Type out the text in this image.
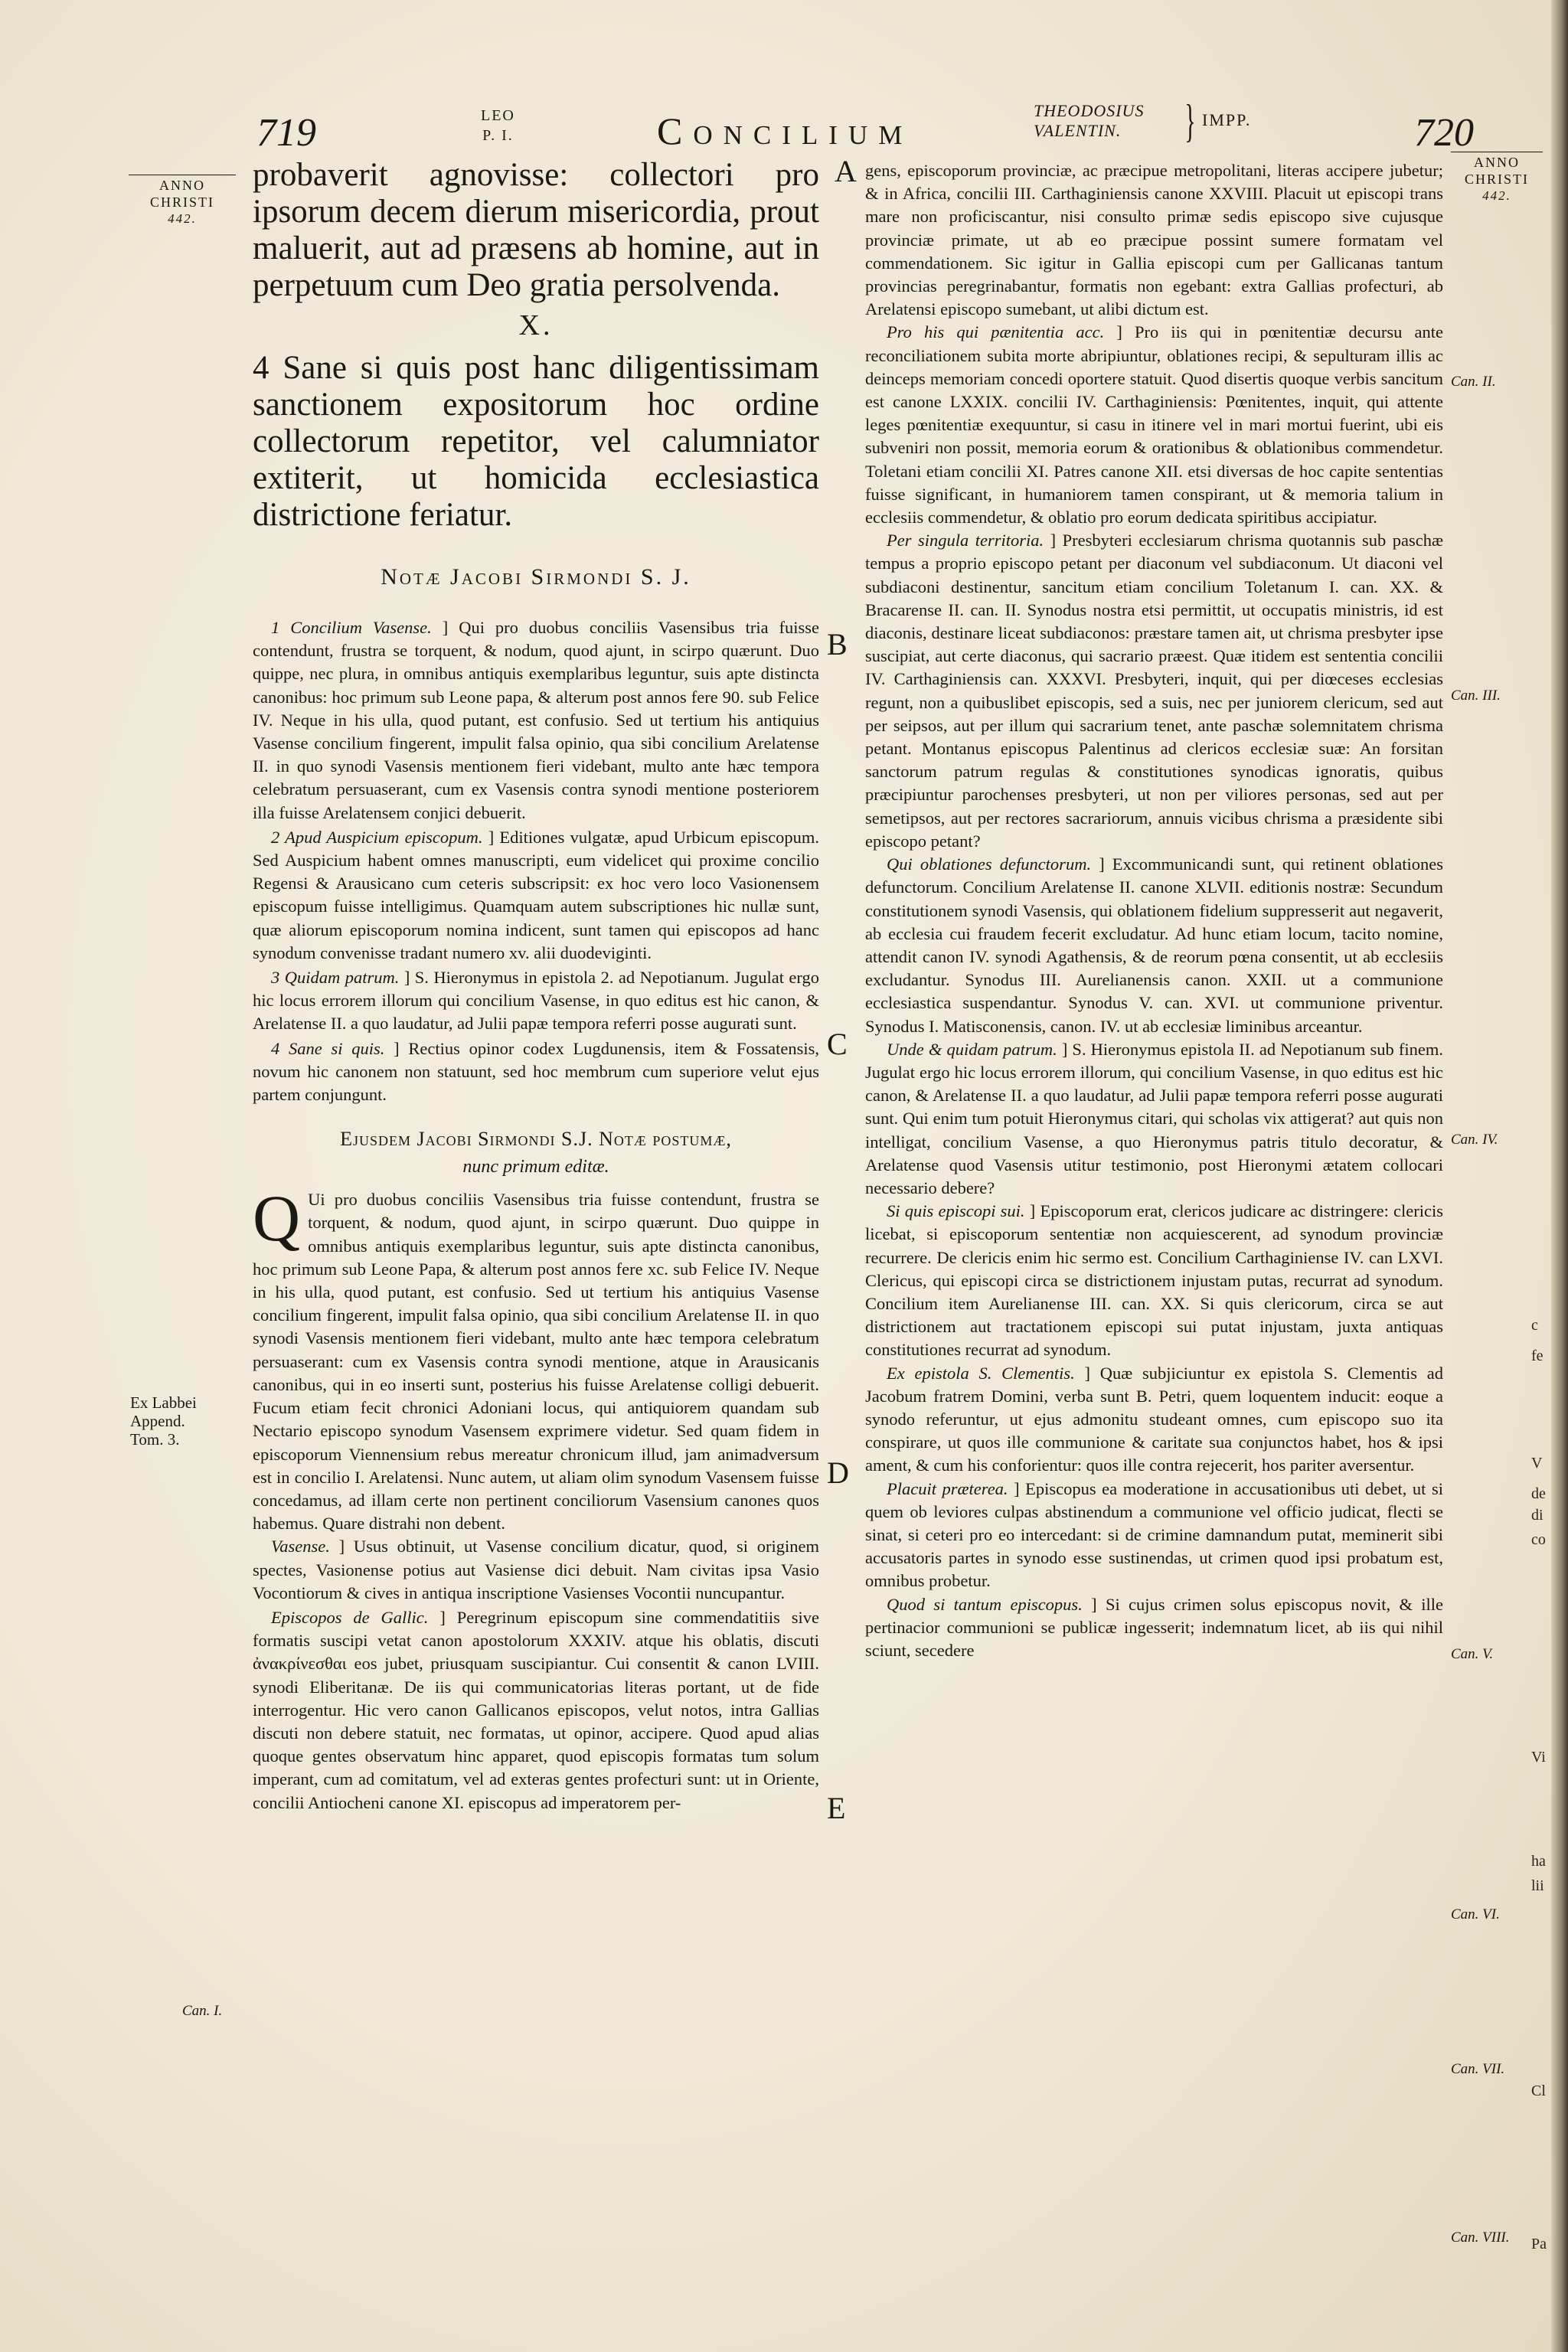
719	LEO
P. I.	Concilium	THEODOSIUS
VALENTIN.	} IMPP.	720
ANNO
CHRISTI
442.
Ex Labbei
Append.
Tom. 3.
Can. I.
A
B
C
D
E
ANNO
CHRISTI
442.
Can. II.
Can. III.
Can. IV.
Can. V.
Can. VI.
Can. VII.
Can. VIII.
c
fe
V
de
di
co
Vi
ha
lii
Cl
Pa

probaverit agnovisse: collectori pro ipsorum decem dierum misericordia, prout maluerit, aut ad præsens ab homine, aut in perpetuum cum Deo gratia persolvenda.

X.

4 Sane si quis post hanc diligentissimam sanctionem expositorum hoc ordine collectorum repetitor, vel calumniator extiterit, ut homicida ecclesiastica districtione feriatur.

Notæ Jacobi Sirmondi S. J.

1 Concilium Vasense. ] Qui pro duobus conciliis Vasensibus tria fuisse contendunt, frustra se torquent, & nodum, quod ajunt, in scirpo quærunt. Duo quippe, nec plura, in omnibus antiquis exemplaribus leguntur, suis apte distincta canonibus: hoc primum sub Leone papa, & alterum post annos fere 90. sub Felice IV. Neque in his ulla, quod putant, est confusio. Sed ut tertium his antiquius Vasense concilium fingerent, impulit falsa opinio, qua sibi concilium Arelatense II. in quo synodi Vasensis mentionem fieri videbant, multo ante hæc tempora celebratum persuaserant, cum ex Vasensis contra synodi mentione posteriorem illa fuisse Arelatensem conjici debuerit.

2 Apud Auspicium episcopum. ] Editiones vulgatæ, apud Urbicum episcopum. Sed Auspicium habent omnes manuscripti, eum videlicet qui proxime concilio Regensi & Arausicano cum ceteris subscripsit: ex hoc vero loco Vasionensem episcopum fuisse intelligimus. Quamquam autem subscriptiones hic nullæ sunt, quæ aliorum episcoporum nomina indicent, sunt tamen qui episcopos ad hanc synodum convenisse tradant numero xv. alii duodeviginti.

3 Quidam patrum. ] S. Hieronymus in epistola 2. ad Nepotianum. Jugulat ergo hic locus errorem illorum qui concilium Vasense, in quo editus est hic canon, & Arelatense II. a quo laudatur, ad Julii papæ tempora referri posse augurati sunt.

4 Sane si quis. ] Rectius opinor codex Lugdunensis, item & Fossatensis, novum hic canonem non statuunt, sed hoc membrum cum superiore velut ejus partem conjungunt.

Ejusdem Jacobi Sirmondi S.J. Notæ postumæ,

nunc primum editæ.

Q Ui pro duobus conciliis Vasensibus tria fuisse contendunt, frustra se torquent, & nodum, quod ajunt, in scirpo quærunt. Duo quippe in omnibus antiquis exemplaribus leguntur, suis apte distincta canonibus, hoc primum sub Leone Papa, & alterum post annos fere xc. sub Felice IV. Neque in his ulla, quod putant, est confusio. Sed ut tertium his antiquius Vasense concilium fingerent, impulit falsa opinio, qua sibi concilium Arelatense II. in quo synodi Vasensis mentionem fieri videbant, multo ante hæc tempora celebratum persuaserant: cum ex Vasensis contra synodi mentione, atque in Arausicanis canonibus, qui in eo inserti sunt, posterius his fuisse Arelatense colligi debuerit. Fucum etiam fecit chronici Adoniani locus, qui antiquiorem quandam sub Nectario episcopo synodum Vasensem exprimere videtur. Sed quam fidem in episcoporum Viennensium rebus mereatur chronicum illud, jam animadversum est in concilio I. Arelatensi. Nunc autem, ut aliam olim synodum Vasensem fuisse concedamus, ad illam certe non pertinent conciliorum Vasensium canones quos habemus. Quare distrahi non debent.

Vasense. ] Usus obtinuit, ut Vasense concilium dicatur, quod, si originem spectes, Vasionense potius aut Vasiense dici debuit. Nam civitas ipsa Vasio Vocontiorum & cives in antiqua inscriptione Vasienses Vocontii nuncupantur.

Episcopos de Gallic. ] Peregrinum episcopum sine commendatitiis sive formatis suscipi vetat canon apostolorum XXXIV. atque his oblatis, discuti ἀνακρίνεσθαι eos jubet, priusquam suscipiantur. Cui consentit & canon LVIII. synodi Eliberitanæ. De iis qui communicatorias literas portant, ut de fide interrogentur. Hic vero canon Gallicanos episcopos, velut notos, intra Gallias discuti non debere statuit, nec formatas, ut opinor, accipere. Quod apud alias quoque gentes observatum hinc apparet, quod episcopis formatas tum solum imperant, cum ad comitatum, vel ad exteras gentes profecturi sunt: ut in Oriente, concilii Antiocheni canone XI. episcopus ad imperatorem per-

gens, episcoporum provinciæ, ac præcipue metropolitani, literas accipere jubetur; & in Africa, concilii III. Carthaginiensis canone XXVIII. Placuit ut episcopi trans mare non proficiscantur, nisi consulto primæ sedis episcopo sive cujusque provinciæ primate, ut ab eo præcipue possint sumere formatam vel commendationem. Sic igitur in Gallia episcopi cum per Gallicanas tantum provincias peregrinabantur, formatis non egebant: extra Gallias profecturi, ab Arelatensi episcopo sumebant, ut alibi dictum est.

Pro his qui pænitentia acc. ] Pro iis qui in pœnitentiæ decursu ante reconciliationem subita morte abripiuntur, oblationes recipi, & sepulturam illis ac deinceps memoriam concedi oportere statuit. Quod disertis quoque verbis sancitum est canone LXXIX. concilii IV. Carthaginiensis: Pœnitentes, inquit, qui attente leges pœnitentiæ exequuntur, si casu in itinere vel in mari mortui fuerint, ubi eis subveniri non possit, memoria eorum & orationibus & oblationibus commendetur. Toletani etiam concilii XI. Patres canone XII. etsi diversas de hoc capite sententias fuisse significant, in humaniorem tamen conspirant, ut & memoria talium in ecclesiis commendetur, & oblatio pro eorum dedicata spiritibus accipiatur.

Per singula territoria. ] Presbyteri ecclesiarum chrisma quotannis sub paschæ tempus a proprio episcopo petant per diaconum vel subdiaconum. Ut diaconi vel subdiaconi destinentur, sancitum etiam concilium Toletanum I. can. XX. & Bracarense II. can. II. Synodus nostra etsi permittit, ut occupatis ministris, id est diaconis, destinare liceat subdiaconos: præstare tamen ait, ut chrisma presbyter ipse suscipiat, aut certe diaconus, qui sacrario præest. Quæ itidem est sententia concilii IV. Carthaginiensis can. XXXVI. Presbyteri, inquit, qui per diœceses ecclesias regunt, non a quibuslibet episcopis, sed a suis, nec per juniorem clericum, sed aut per seipsos, aut per illum qui sacrarium tenet, ante paschæ solemnitatem chrisma petant. Montanus episcopus Palentinus ad clericos ecclesiæ suæ: An forsitan sanctorum patrum regulas & constitutiones synodicas ignoratis, quibus præcipiuntur parochenses presbyteri, ut non per viliores personas, sed aut per semetipsos, aut per rectores sacrariorum, annuis vicibus chrisma a præsidente sibi episcopo petant?

Qui oblationes defunctorum. ] Excommunicandi sunt, qui retinent oblationes defunctorum. Concilium Arelatense II. canone XLVII. editionis nostræ: Secundum constitutionem synodi Vasensis, qui oblationem fidelium suppresserit aut negaverit, ab ecclesia cui fraudem fecerit excludatur. Ad hunc etiam locum, tacito nomine, attendit canon IV. synodi Agathensis, & de reorum pœna consentit, ut ab ecclesiis excludantur. Synodus III. Aurelianensis canon. XXII. ut a communione ecclesiastica suspendantur. Synodus V. can. XVI. ut communione priventur. Synodus I. Matisconensis, canon. IV. ut ab ecclesiæ liminibus arceantur.

Unde & quidam patrum. ] S. Hieronymus epistola II. ad Nepotianum sub finem. Jugulat ergo hic locus errorem illorum, qui concilium Vasense, in quo editus est hic canon, & Arelatense II. a quo laudatur, ad Julii papæ tempora referri posse augurati sunt. Qui enim tum potuit Hieronymus citari, qui scholas vix attigerat? aut quis non intelligat, concilium Vasense, a quo Hieronymus patris titulo decoratur, & Arelatense quod Vasensis utitur testimonio, post Hieronymi ætatem collocari necessario debere?

Si quis episcopi sui. ] Episcoporum erat, clericos judicare ac distringere: clericis licebat, si episcoporum sententiæ non acquiescerent, ad synodum provinciæ recurrere. De clericis enim hic sermo est. Concilium Carthaginiense IV. can LXVI. Clericus, qui episcopi circa se districtionem injustam putas, recurrat ad synodum. Concilium item Aurelianense III. can. XX. Si quis clericorum, circa se aut districtionem aut tractationem episcopi sui putat injustam, juxta antiquas constitutiones recurrat ad synodum.

Ex epistola S. Clementis. ] Quæ subjiciuntur ex epistola S. Clementis ad Jacobum fratrem Domini, verba sunt B. Petri, quem loquentem inducit: eoque a synodo referuntur, ut ejus admonitu studeant omnes, cum episcopo suo ita conspirare, ut quos ille communione & caritate sua conjunctos habet, hos & ipsi ament, & cum his conforientur: quos ille contra rejecerit, hos pariter aversentur.

Placuit præterea. ] Episcopus ea moderatione in accusationibus uti debet, ut si quem ob leviores culpas abstinendum a communione vel officio judicat, flecti se sinat, si ceteri pro eo intercedant: si de crimine damnandum putat, meminerit sibi accusatoris partes in synodo esse sustinendas, ut crimen quod ipsi probatum est, omnibus probetur.

Quod si tantum episcopus. ] Si cujus crimen solus episcopus novit, & ille pertinacior communioni se publicæ ingesserit; indemnatum licet, ab iis qui nihil sciunt, secedere
